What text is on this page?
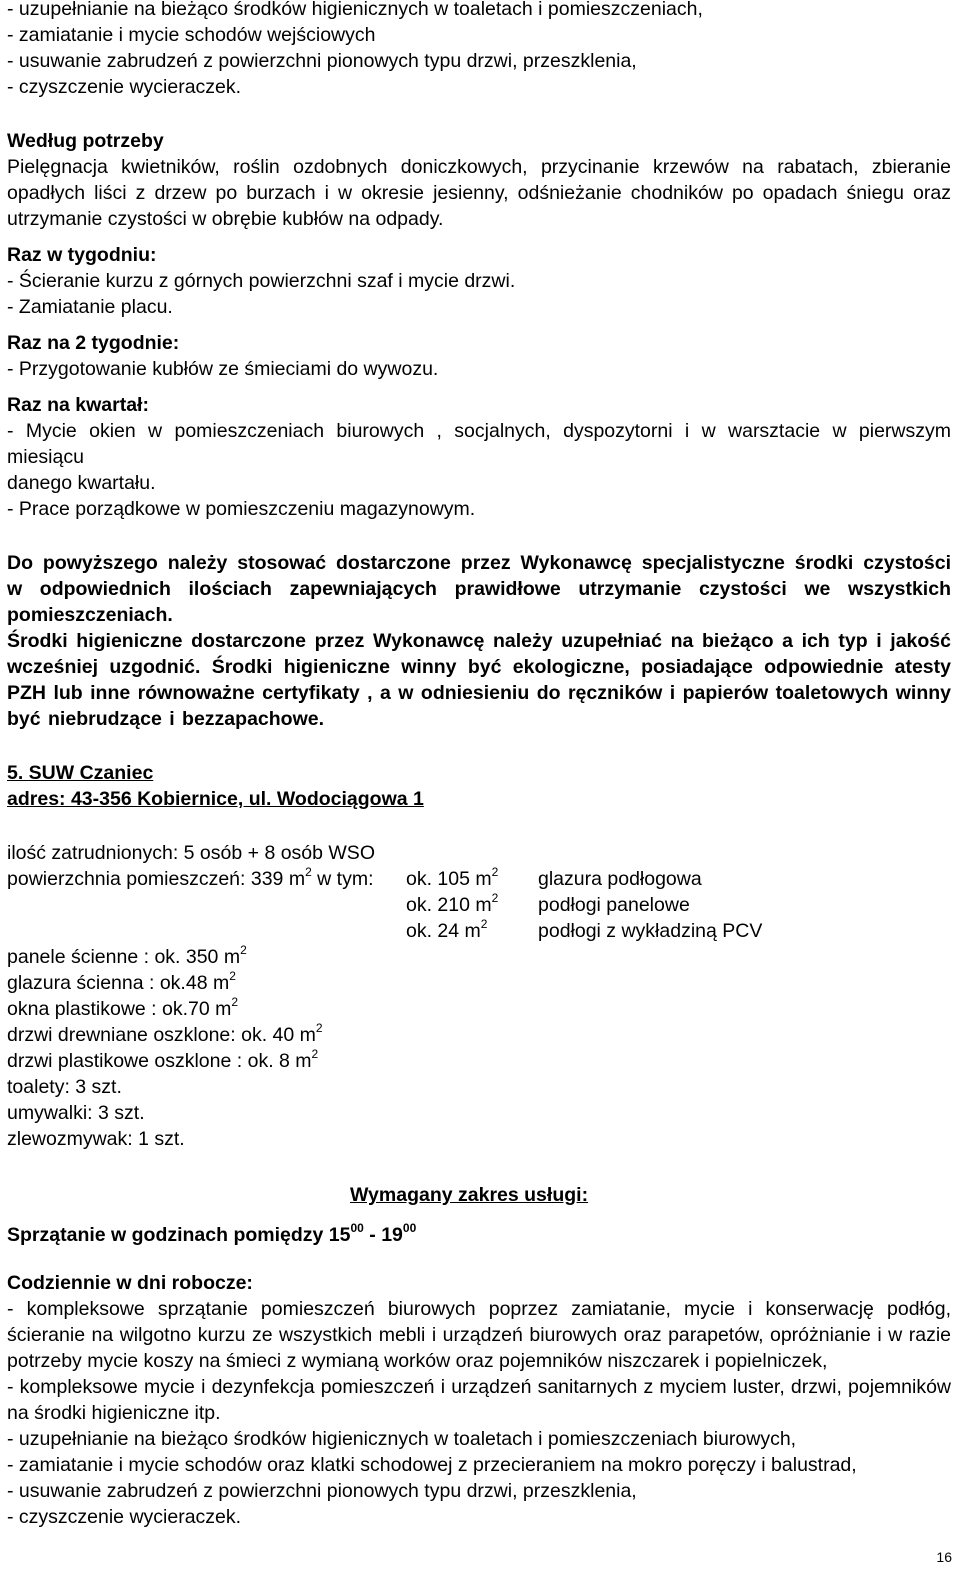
- uzupełnianie na bieżąco środków higienicznych w toaletach i pomieszczeniach,

- zamiatanie i mycie schodów wejściowych

- usuwanie zabrudzeń z powierzchni pionowych typu drzwi, przeszklenia,

- czyszczenie wycieraczek.

Według potrzeby

Pielęgnacja kwietników, roślin ozdobnych doniczkowych, przycinanie krzewów na rabatach, zbieranie opadłych liści z drzew po burzach i w okresie jesienny, odśnieżanie chodników po opadach śniegu oraz utrzymanie czystości w obrębie kubłów na odpady.

Raz w tygodniu:

- Ścieranie kurzu z górnych powierzchni szaf i mycie drzwi.

- Zamiatanie placu.

Raz na 2 tygodnie:

- Przygotowanie kubłów ze śmieciami do wywozu.

Raz na kwartał:

- Mycie okien w pomieszczeniach biurowych , socjalnych, dyspozytorni i w warsztacie w pierwszym miesiącu

danego kwartału.

- Prace porządkowe w pomieszczeniu magazynowym.

Do powyższego należy stosować dostarczone przez Wykonawcę specjalistyczne środki czystości w odpowiednich ilościach zapewniających prawidłowe utrzymanie czystości we wszystkich pomieszczeniach.

Środki higieniczne dostarczone przez Wykonawcę należy uzupełniać na bieżąco a ich typ i jakość wcześniej uzgodnić. Środki higieniczne winny być ekologiczne, posiadające odpowiednie atesty PZH lub inne równoważne certyfikaty , a w odniesieniu do ręczników i papierów toaletowych winny być niebrudzące i bezzapachowe.

5. SUW Czaniec

adres: 43-356 Kobiernice, ul. Wodociągowa 1

ilość zatrudnionych: 5 osób + 8 osób WSO

powierzchnia pomieszczeń: 339 $m^2$ w tym: ok. 105 $m^2$ glazura podłogowa
ok. 210 $m^2$ podłogi panelowe
ok. 24 $m^2$	podłogi z wykładziną PCV

panele ścienne : ok. 350 $m^2$

glazura ścienna : ok.48 $m^2$

okna plastikowe : ok.70 $m^2$

drzwi drewniane oszklone: ok. 40 $m^2$

drzwi plastikowe oszklone : ok. 8 $m^2$

toalety: 3 szt.

umywalki: 3 szt.

zlewozmywak: 1 szt.

Wymagany zakres usługi:

Sprzątanie w godzinach pomiędzy $15^{00} - 19^{00}$

Codziennie w dni robocze:

- kompleksowe sprzątanie pomieszczeń biurowych poprzez zamiatanie, mycie i konserwację podłóg, ścieranie na wilgotno kurzu ze wszystkich mebli i urządzeń biurowych oraz parapetów, opróżnianie i w razie potrzeby mycie koszy na śmieci z wymianą worków oraz pojemników niszczarek i popielniczek,

- kompleksowe mycie i dezynfekcja pomieszczeń i urządzeń sanitarnych z myciem luster, drzwi, pojemników na środki higieniczne itp.

- uzupełnianie na bieżąco środków higienicznych w toaletach i pomieszczeniach biurowych,

- zamiatanie i mycie schodów oraz klatki schodowej z przecieraniem na mokro poręczy i balustrad,

- usuwanie zabrudzeń z powierzchni pionowych typu drzwi, przeszklenia,

- czyszczenie wycieraczek.

16
